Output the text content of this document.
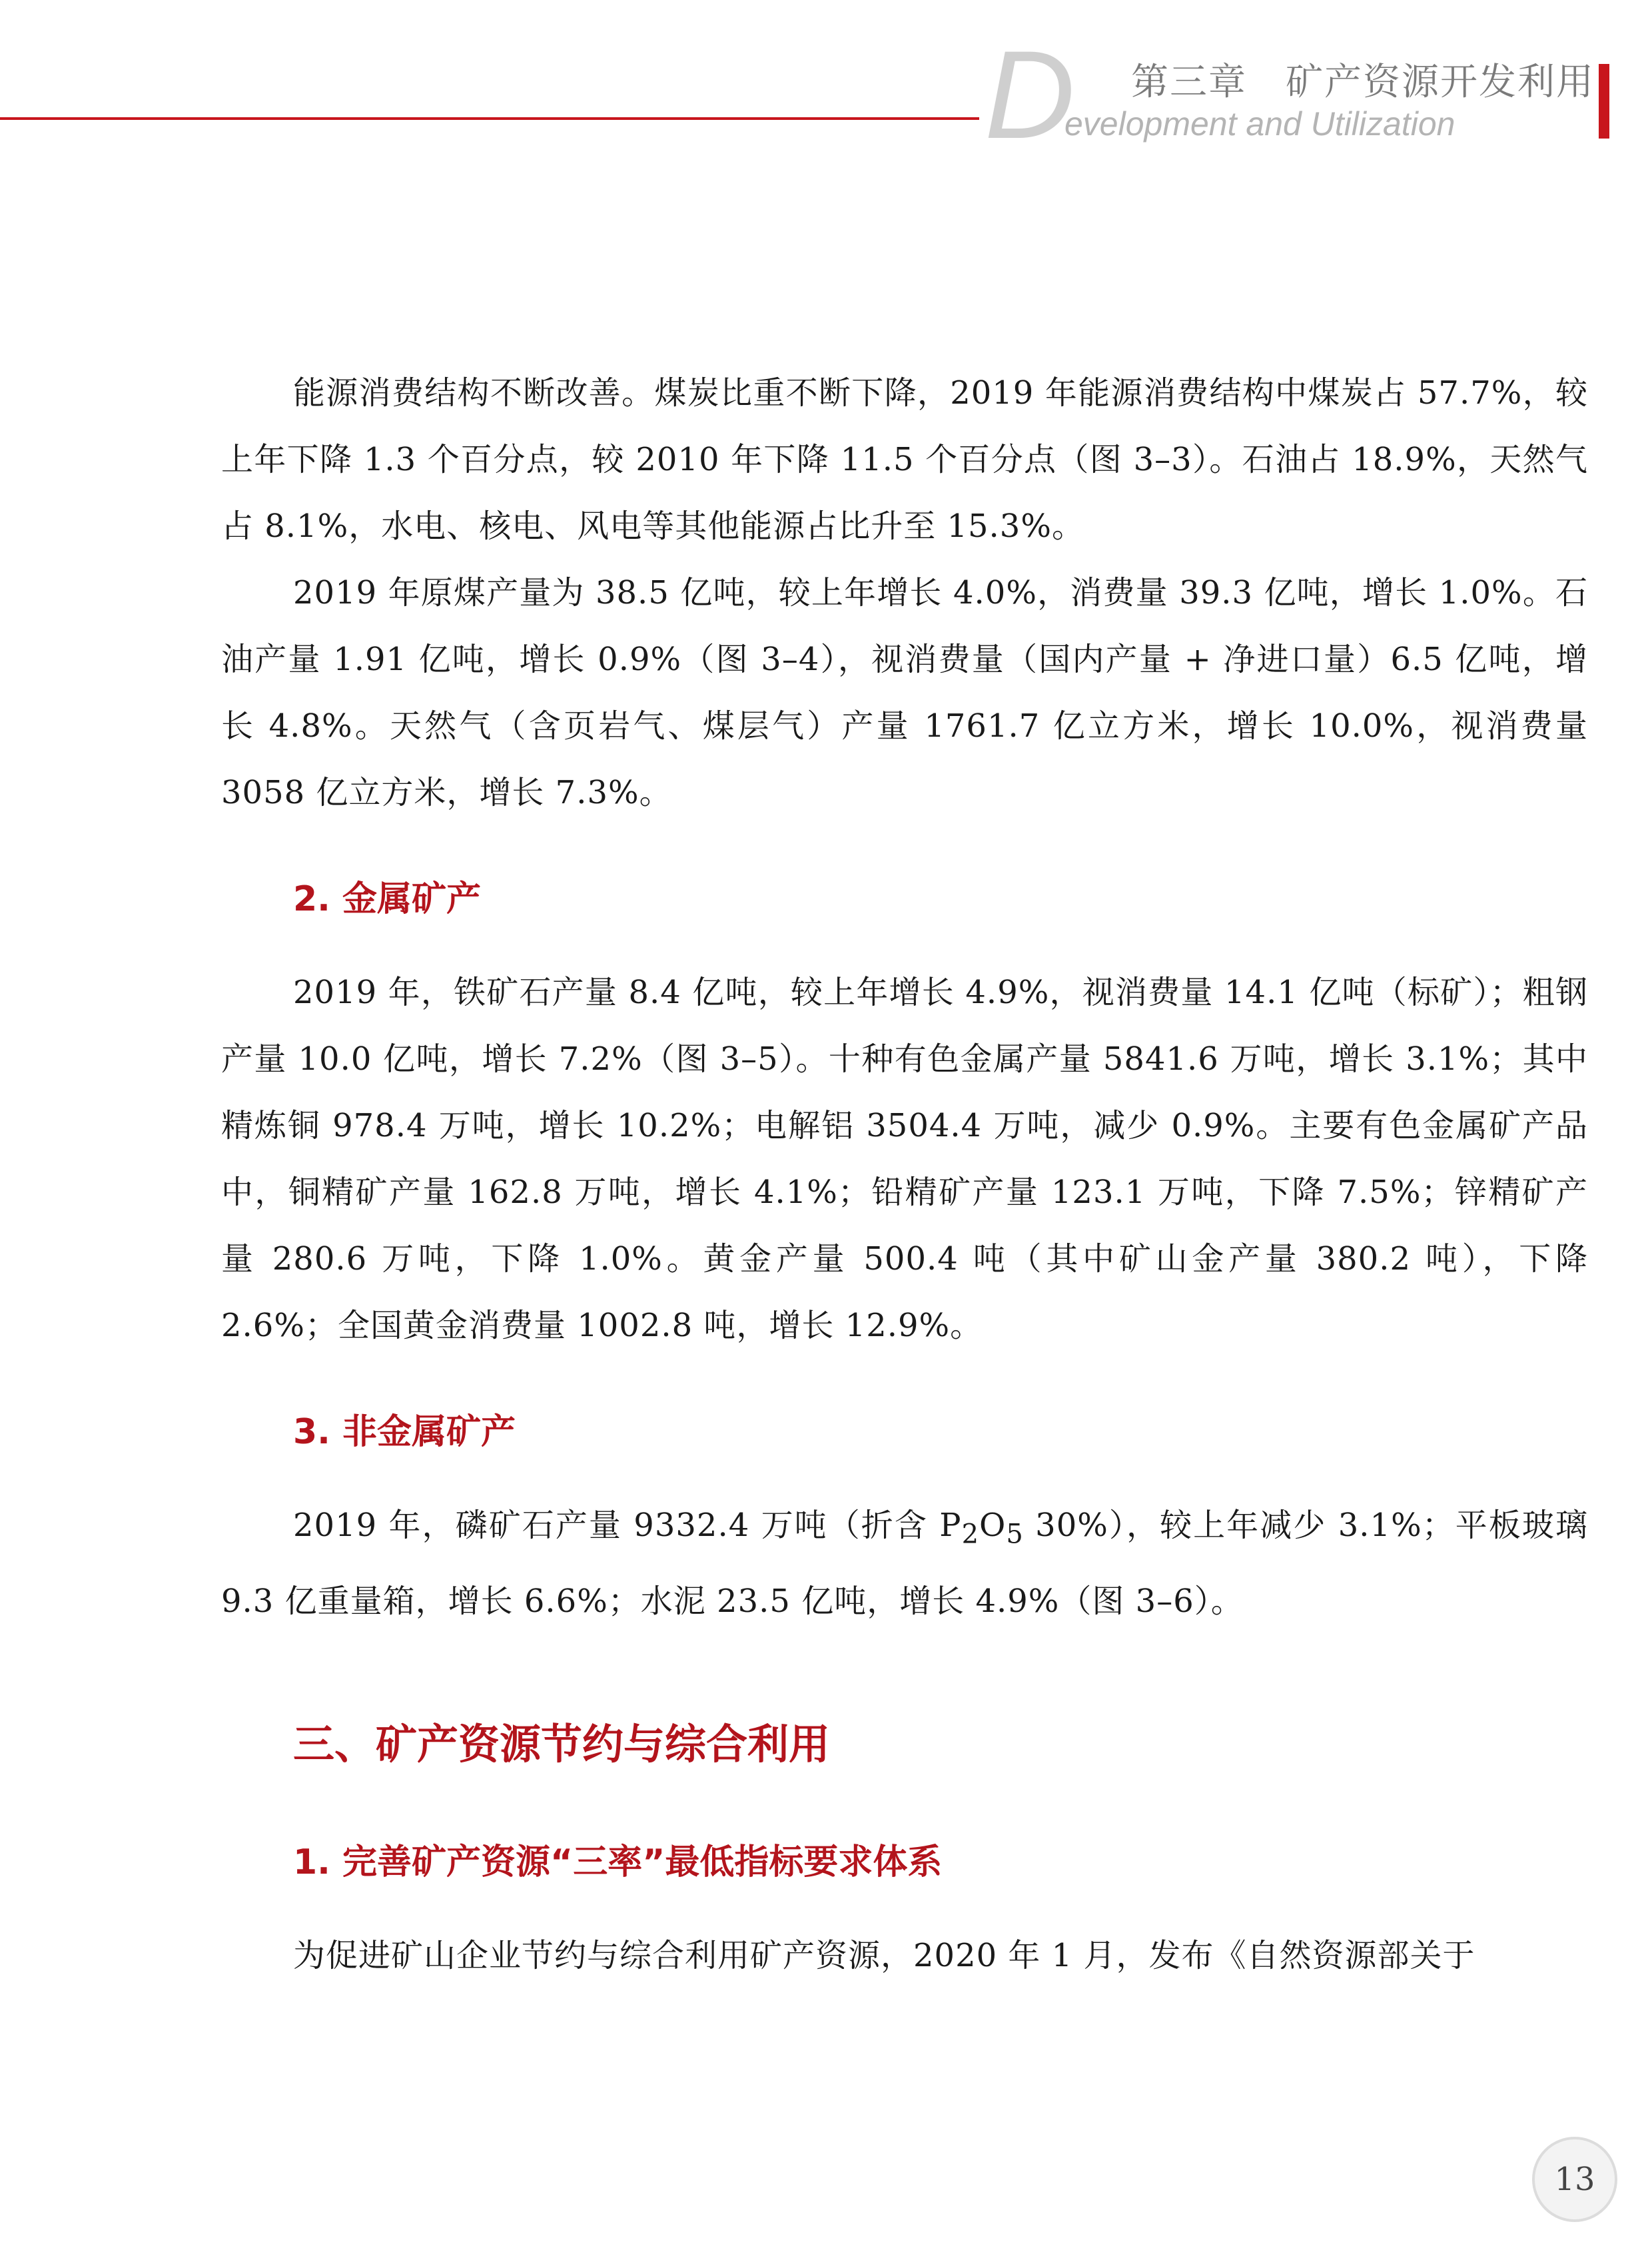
D 第三章　矿产资源开发利用
evelopment and Utilization

能源消费结构不断改善。煤炭比重不断下降，2019 年能源消费结构中煤炭占 57.7%，较上年下降 1.3 个百分点，较 2010 年下降 11.5 个百分点（图 3–3）。石油占 18.9%，天然气占 8.1%，水电、核电、风电等其他能源占比升至 15.3%。

2019 年原煤产量为 38.5 亿吨，较上年增长 4.0%，消费量 39.3 亿吨，增长 1.0%。石油产量 1.91 亿吨，增长 0.9%（图 3–4），视消费量（国内产量 + 净进口量）6.5 亿吨，增长 4.8%。天然气（含页岩气、煤层气）产量 1761.7 亿立方米，增长 10.0%，视消费量 3058 亿立方米，增长 7.3%。

2. 金属矿产

2019 年，铁矿石产量 8.4 亿吨，较上年增长 4.9%，视消费量 14.1 亿吨（标矿）；粗钢产量 10.0 亿吨，增长 7.2%（图 3–5）。十种有色金属产量 5841.6 万吨，增长 3.1%；其中精炼铜 978.4 万吨，增长 10.2%；电解铝 3504.4 万吨，减少 0.9%。主要有色金属矿产品中，铜精矿产量 162.8 万吨，增长 4.1%；铅精矿产量 123.1 万吨，下降 7.5%；锌精矿产量 280.6 万吨，下降 1.0%。黄金产量 500.4 吨（其中矿山金产量 380.2 吨），下降 2.6%；全国黄金消费量 1002.8 吨，增长 12.9%。

3. 非金属矿产

2019 年，磷矿石产量 9332.4 万吨（折含 $P_2O_5$ 30%），较上年减少 3.1%；平板玻璃 9.3 亿重量箱，增长 6.6%；水泥 23.5 亿吨，增长 4.9%（图 3–6）。

三、矿产资源节约与综合利用
1. 完善矿产资源“三率”最低指标要求体系

为促进矿山企业节约与综合利用矿产资源，2020 年 1 月，发布《自然资源部关于

13
